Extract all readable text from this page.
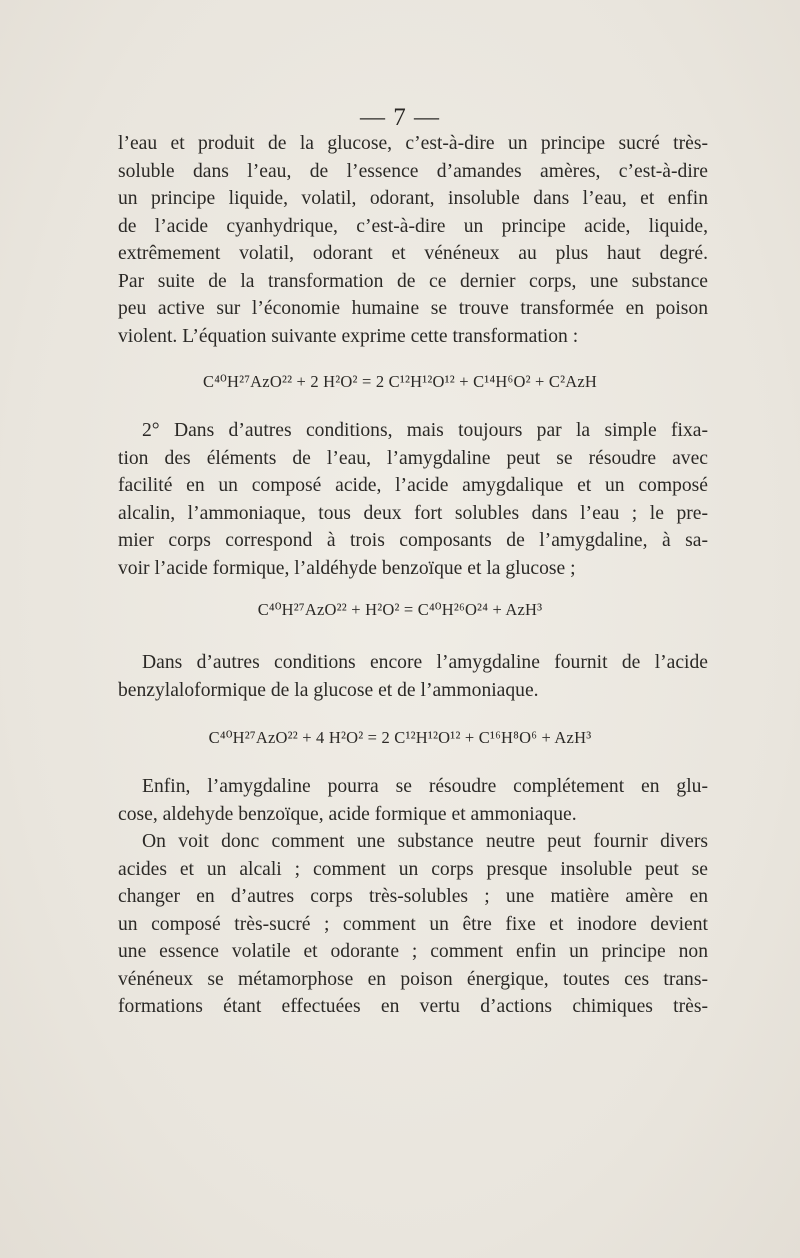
— 7 —
l’eau et produit de la glucose, c’est-à-dire un principe sucré très-
soluble dans l’eau, de l’essence d’amandes amères, c’est-à-dire
un principe liquide, volatil, odorant, insoluble dans l’eau, et enfin
de l’acide cyanhydrique, c’est-à-dire un principe acide, liquide,
extrêmement volatil, odorant et vénéneux au plus haut degré.
Par suite de la transformation de ce dernier corps, une substance
peu active sur l’économie humaine se trouve transformée en poison
violent. L’équation suivante exprime cette transformation :
C⁴⁰H²⁷AzO²² + 2 H²O² = 2 C¹²H¹²O¹² + C¹⁴H⁶O² + C²AzH
2° Dans d’autres conditions, mais toujours par la simple fixa-
tion des éléments de l’eau, l’amygdaline peut se résoudre avec
facilité en un composé acide, l’acide amygdalique et un composé
alcalin, l’ammoniaque, tous deux fort solubles dans l’eau ; le pre-
mier corps correspond à trois composants de l’amygdaline, à sa-
voir l’acide formique, l’aldéhyde benzoïque et la glucose ;
C⁴⁰H²⁷AzO²² + H²O² = C⁴⁰H²⁶O²⁴ + AzH³
Dans d’autres conditions encore l’amygdaline fournit de l’acide
benzylaloformique de la glucose et de l’ammoniaque.
C⁴⁰H²⁷AzO²² + 4 H²O² = 2 C¹²H¹²O¹² + C¹⁶H⁸O⁶ + AzH³
Enfin, l’amygdaline pourra se résoudre complétement en glu-
cose, aldehyde benzoïque, acide formique et ammoniaque.
On voit donc comment une substance neutre peut fournir divers
acides et un alcali ; comment un corps presque insoluble peut se
changer en d’autres corps très-solubles ; une matière amère en
un composé très-sucré ; comment un être fixe et inodore devient
une essence volatile et odorante ; comment enfin un principe non
vénéneux se métamorphose en poison énergique, toutes ces trans-
formations étant effectuées en vertu d’actions chimiques très-
